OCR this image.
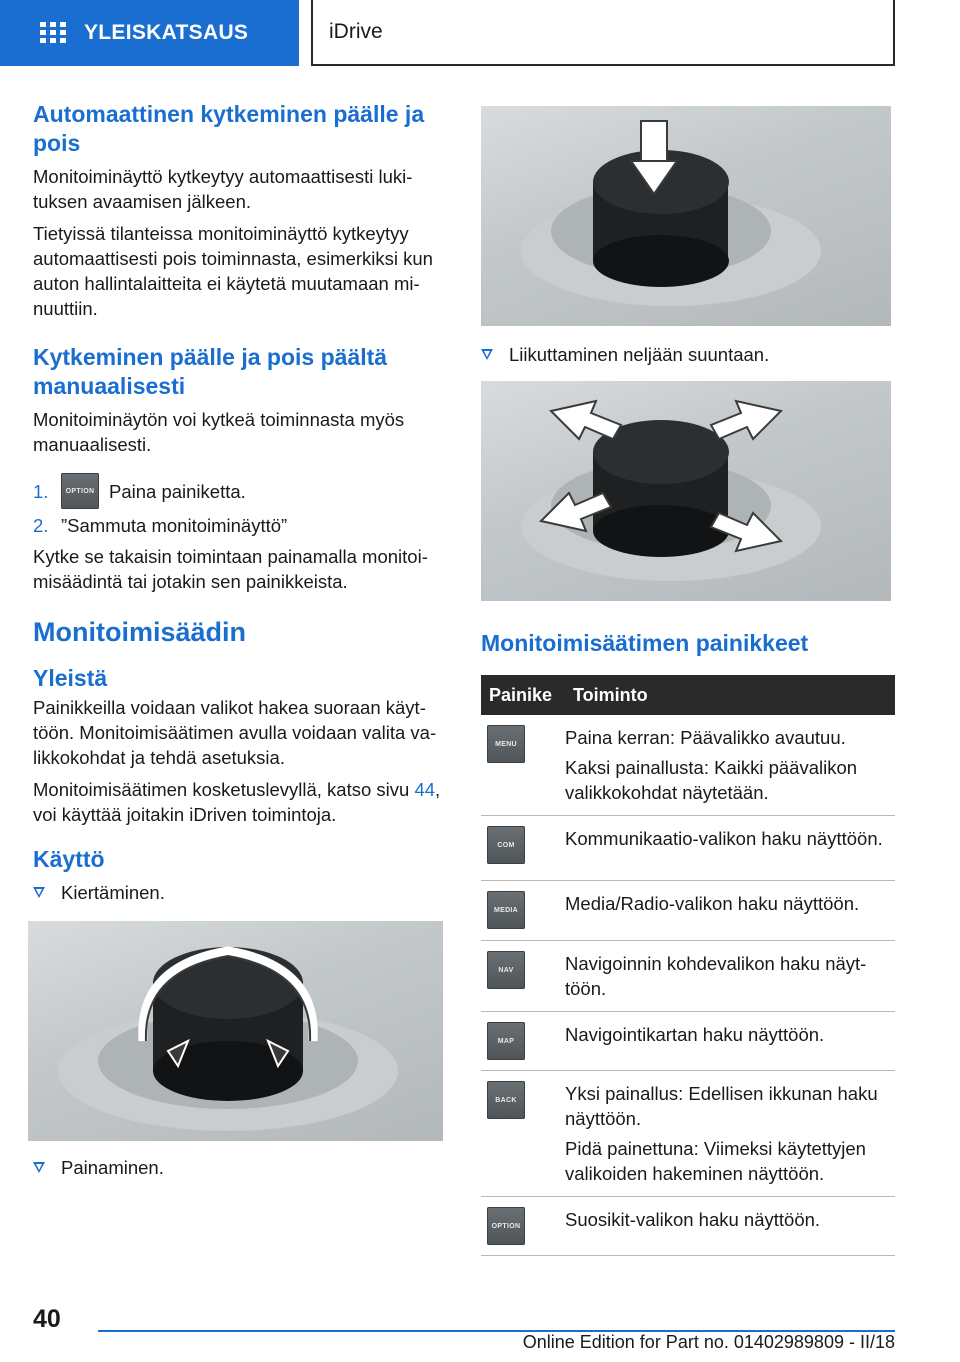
YLEISKATSAUS	iDrive
Automaattinen kytkeminen päälle ja pois
Monitoiminäyttö kytkeytyy automaattisesti lukituksen avaamisen jälkeen.
Tietyissä tilanteissa monitoiminäyttö kytkeytyy automaattisesti pois toiminnasta, esimerkiksi kun auton hallintalaitteita ei käytetä muutamaan minuuttiin.
Kytkeminen päälle ja pois päältä manuaalisesti
Monitoiminäytön voi kytkeä toiminnasta myös manuaalisesti.
1.	OPTION Paina painiketta.
2. ”Sammuta monitoiminäyttö”
Kytke se takaisin toimintaan painamalla monitoimisäädintä tai jotakin sen painikkeista.
Monitoimisäädin
Yleistä
Painikkeilla voidaan valikot hakea suoraan käyttöön. Monitoimisäätimen avulla voidaan valita valikkokohdat ja tehdä asetuksia.
Monitoimisäätimen kosketuslevyllä, katso sivu 44, voi käyttää joitakin iDriven toimintoja.
Käyttö
Kiertäminen.
Painaminen.
Liikuttaminen neljään suuntaan.
Monitoimisäätimen painikkeet
Painike	Toiminto
MENU	Paina kerran: Päävalikko avautuu.

Kaksi painallusta: Kaikki päävalikon valikkokohdat näytetään.

COM	Kommunikaatio-valikon haku näyttöön.

MEDIA	Media/Radio-valikon haku näyttöön.

NAV	Navigoinnin kohdevalikon haku näyttöön.

MAP	Navigointikartan haku näyttöön.

BACK	Yksi painallus: Edellisen ikkunan haku näyttöön.

Pidä painettuna: Viimeksi käytettyjen valikoiden hakeminen näyttöön.

OPTION	Suosikit-valikon haku näyttöön.

40
Online Edition for Part no. 01402989809 - II/18
